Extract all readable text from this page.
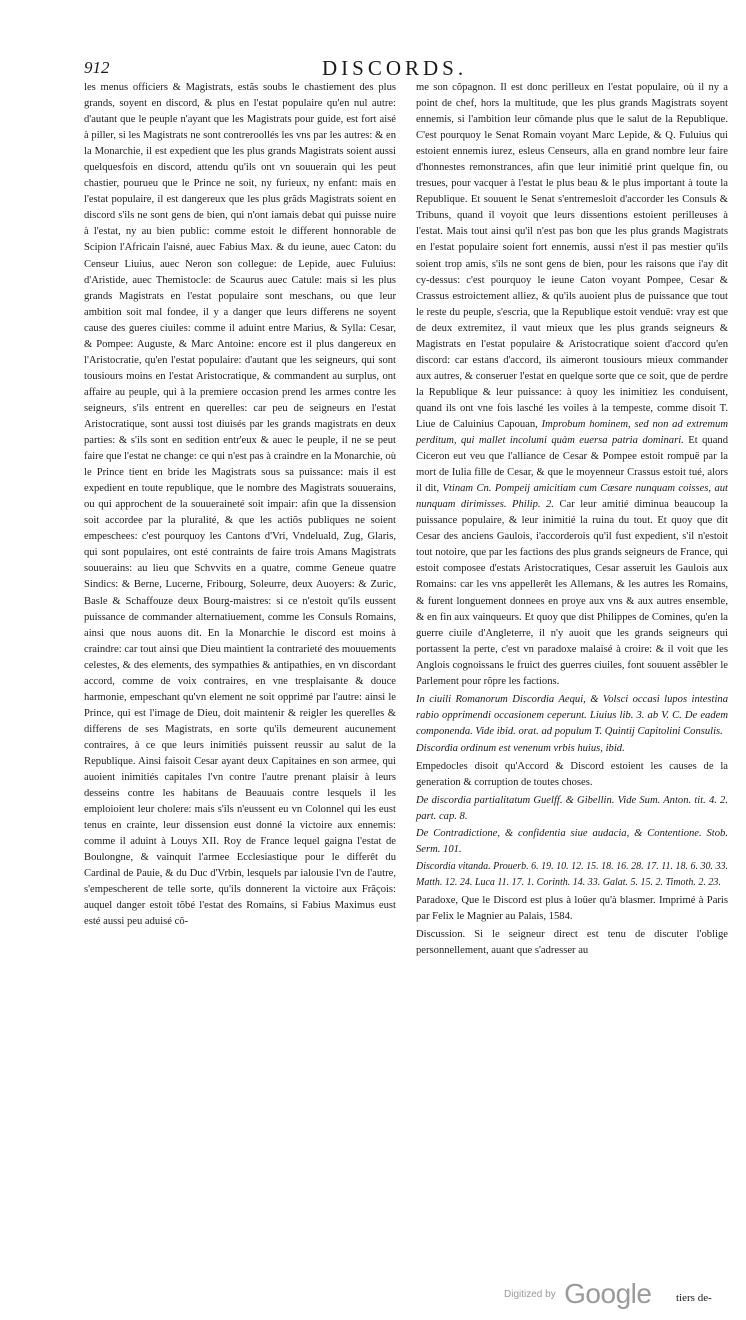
912	DISCORDS.

les menus officiers & Magistrats, estãs soubs le chastiement des plus grands, soyent en discord, & plus en l'estat populaire qu'en nul autre: d'autant que le peuple n'ayant que les Magistrats pour guide, est fort aisé à piller, si les Magistrats ne sont contreroollés les vns par les autres: & en la Monarchie, il est expedient que les plus grands Magistrats soient aussi quelquesfois en discord, attendu qu'ils ont vn souuerain qui les peut chastier, pourueu que le Prince ne soit, ny furieux, ny enfant: mais en l'estat populaire, il est dangereux que les plus grãds Magistrats soient en discord s'ils ne sont gens de bien, qui n'ont iamais debat qui puisse nuire à l'estat, ny au bien public: comme estoit le different honnorable de Scipion l'Africain l'aisné, auec Fabius Max. & du ieune, auec Caton: du Censeur Liuius, auec Neron son collegue: de Lepide, auec Fuluius: d'Aristide, auec Themistocle: de Scaurus auec Catule: mais si les plus grands Magistrats en l'estat populaire sont meschans, ou que leur ambition soit mal fondee, il y a danger que leurs differens ne soyent cause des gueres ciuiles: comme il aduint entre Marius, & Sylla: Cesar, & Pompee: Auguste, & Marc Antoine: encore est il plus dangereux en l'Aristocratie, qu'en l'estat populaire: d'autant que les seigneurs, qui sont tousiours moins en l'estat Aristocratique, & commandent au surplus, ont affaire au peuple, qui à la premiere occasion prend les armes contre les seigneurs, s'ils entrent en querelles: car peu de seigneurs en l'estat Aristocratique, sont aussi tost diuisés par les grands magistrats en deux parties: & s'ils sont en sedition entr'eux & auec le peuple, il ne se peut faire que l'estat ne change: ce qui n'est pas à craindre en la Monarchie, où le Prince tient en bride les Magistrats sous sa puissance: mais il est expedient en toute republique, que le nombre des Magistrats souuerains, ou qui approchent de la souueraineté soit impair: afin que la dissension soit accordee par la pluralité, & que les actiõs publiques ne soient empeschees: c'est pourquoy les Cantons d'Vri, Vndeluald, Zug, Glaris, qui sont populaires, ont esté contraints de faire trois Amans Magistrats souuerains: au lieu que Schvvits en a quatre, comme Geneue quatre Sindics: & Berne, Lucerne, Fribourg, Soleurre, deux Auoyers: & Zuric, Basle & Schaffouze deux Bourg-maistres: si ce n'estoit qu'ils eussent puissance de commander alternatiuement, comme les Consuls Romains, ainsi que nous auons dit. En la Monarchie le discord est moins à craindre: car tout ainsi que Dieu maintient la contrarieté des mouuements celestes, & des elements, des sympathies & antipathies, en vn discordant accord, comme de voix contraires, en vne tresplaisante & douce harmonie, empeschant qu'vn element ne soit opprimé par l'autre: ainsi le Prince, qui est l'image de Dieu, doit maintenir & reigler les querelles & differens de ses Magistrats, en sorte qu'ils demeurent aucunement contraires, à ce que leurs inimitiés puissent reussir au salut de la Republique. Ainsi faisoit Cesar ayant deux Capitaines en son armee, qui auoient inimitiés capitales l'vn contre l'autre prenant plaisir à leurs desseins contre les habitans de Beauuais contre lesquels il les emploioient leur cholere: mais s'ils n'eussent eu vn Colonnel qui les eust tenus en crainte, leur dissension eust donné la victoire aux ennemis: comme il aduint à Louys XII. Roy de France lequel gaigna l'estat de Boulongne, & vainquit l'armee Ecclesiastique pour le differêt du Cardinal de Pauie, & du Duc d'Vrbin, lesquels par ialousie l'vn de l'autre, s'empescherent de telle sorte, qu'ils donnerent la victoire aux Frãçois: auquel danger estoit tõbé l'estat des Romains, si Fabius Maximus eust esté aussi peu aduisé cõ-

me son cõpagnon. Il est donc perilleux en l'estat populaire, où il ny a point de chef, hors la multitude, que les plus grands Magistrats soyent ennemis, si l'ambition leur cõmande plus que le salut de la Republique. C'est pourquoy le Senat Romain voyant Marc Lepide, & Q. Fuluius qui estoient ennemis iurez, esleus Censeurs, alla en grand nombre leur faire d'honnestes remonstrances, afin que leur inimitié print quelque fin, ou tresues, pour vacquer à l'estat le plus beau & le plus important à toute la Republique. Et souuent le Senat s'entremesloit d'accorder les Consuls & Tribuns, quand il voyoit que leurs dissentions estoient perilleuses à l'estat. Mais tout ainsi qu'il n'est pas bon que les plus grands Magistrats en l'estat populaire soient fort ennemis, aussi n'est il pas mestier qu'ils soient trop amis, s'ils ne sont gens de bien, pour les raisons que i'ay dit cy-dessus: c'est pourquoy le ieune Caton voyant Pompee, Cesar & Crassus estroictement alliez, & qu'ils auoient plus de puissance que tout le reste du peuple, s'escria, que la Republique estoit venduë: vray est que de deux extremitez, il vaut mieux que les plus grands seigneurs & Magistrats en l'estat populaire & Aristocratique soient d'accord qu'en discord: car estans d'accord, ils aimeront tousiours mieux commander aux autres, & conseruer l'estat en quelque sorte que ce soit, que de perdre la Republique & leur puissance: à quoy les inimitiez les conduisent, quand ils ont vne fois lasché les voiles à la tempeste, comme disoit T. Liue de Caluinius Capouan, Improbum hominem, sed non ad extremum perditum, qui mallet incolumi quàm euersa patria dominari. Et quand Ciceron eut veu que l'alliance de Cesar & Pompee estoit rompuë par la mort de Iulia fille de Cesar, & que le moyenneur Crassus estoit tué, alors il dit, Vtinam Cn. Pompeij amicitiam cum Cæsare nunquam coisses, aut nunquam dirimisses. Philip. 2. Car leur amitié diminua beaucoup la puissance populaire, & leur inimitié la ruina du tout. Et quoy que dit Cesar des anciens Gaulois, i'accorderois qu'il fust expedient, s'il n'estoit tout notoire, que par les factions des plus grands seigneurs de France, qui estoit composee d'estats Aristocratiques, Cesar asseruit les Gaulois aux Romains: car les vns appellerêt les Allemans, & les autres les Romains, & furent longuement donnees en proye aux vns & aux autres ensemble, & en fin aux vainqueurs. Et quoy que dist Philippes de Comines, qu'en la guerre ciuile d'Angleterre, il n'y auoit que les grands seigneurs qui portassent la perte, c'est vn paradoxe malaisé à croire: & il voit que les Anglois cognoissans le fruict des guerres ciuiles, font souuent assẽbler le Parlement pour rõpre les factions.

In ciuili Romanorum Discordia Aequi, & Volsci occasi lupos intestina rabio opprimendi occasionem ceperunt. Liuius lib. 3. ab V. C. De eadem componenda. Vide ibid. orat. ad populum T. Quintij Capitolini Consulis.

Discordia ordinum est venenum vrbis huius, ibid.

Empedocles disoit qu'Accord & Discord estoient les causes de la generation & corruption de toutes choses.

De discordia partialitatum Guelff. & Gibellin. Vide Sum. Anton. tit. 4. 2. part. cap. 8.

De Contradictione, & confidentia siue audacia, & Contentione. Stob. Serm. 101.

Discordia vitanda. Prouerb. 6. 19. 10. 12. 15. 18. 16. 28. 17. 11. 18. 6. 30. 33. Matth. 12. 24. Luca 11. 17. 1. Corinth. 14. 33. Galat. 5. 15. 2. Timoth. 2. 23.

Paradoxe, Que le Discord est plus à loüer qu'à blasmer. Imprimé à Paris par Felix le Magnier au Palais, 1584.

Discussion. Si le seigneur direct est tenu de discuter l'oblige personnellement, auant que s'adresser au

tiers de-
Digitized by Google
